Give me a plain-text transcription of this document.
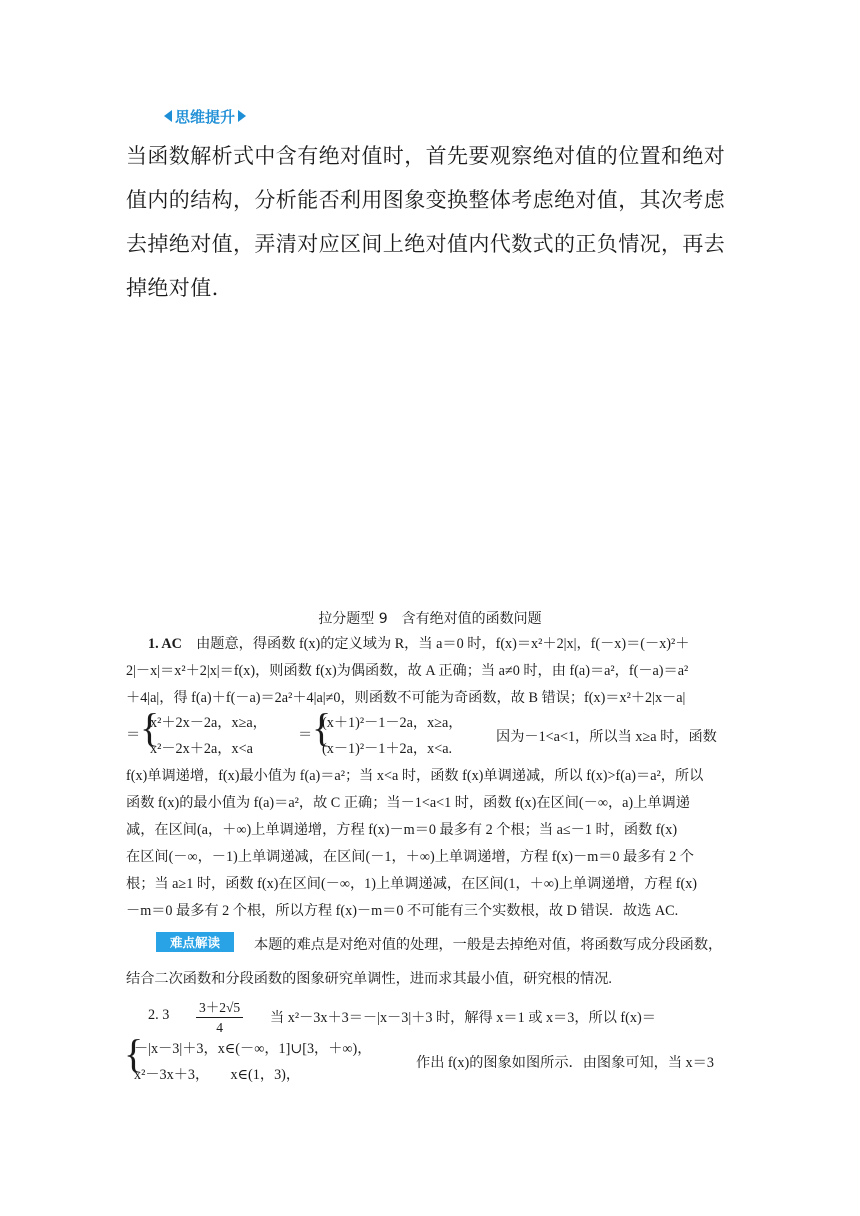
思维提升
当函数解析式中含有绝对值时，首先要观察绝对值的位置和绝对值内的结构，分析能否利用图象变换整体考虑绝对值，其次考虑去掉绝对值，弄清对应区间上绝对值内代数式的正负情况，再去掉绝对值.
拉分题型 9　含有绝对值的函数问题
1. AC 由题意，得函数 f(x)的定义域为 R，当 a＝0 时，f(x)＝x²＋2|x|，f(－x)＝(－x)²＋
2|－x|＝x²＋2|x|＝f(x)，则函数 f(x)为偶函数，故 A 正确；当 a≠0 时，由 f(a)＝a²，f(－a)＝a²
＋4|a|，得 f(a)＋f(－a)＝2a²＋4|a|≠0，则函数不可能为奇函数，故 B 错误；f(x)＝x²＋2|x－a|
＝ {
x²＋2x－2a，x≥a，
x²－2x＋2a，x<a
＝ {
(x＋1)²－1－2a，x≥a，
(x－1)²－1＋2a，x<a.
因为－1<a<1，所以当 x≥a 时，函数
f(x)单调递增，f(x)最小值为 f(a)＝a²；当 x<a 时，函数 f(x)单调递减，所以 f(x)>f(a)＝a²，所以
函数 f(x)的最小值为 f(a)＝a²，故 C 正确；当－1<a<1 时，函数 f(x)在区间(－∞，a)上单调递
减，在区间(a，＋∞)上单调递增，方程 f(x)－m＝0 最多有 2 个根；当 a≤－1 时，函数 f(x)
在区间(－∞，－1)上单调递减，在区间(－1，＋∞)上单调递增，方程 f(x)－m＝0 最多有 2 个
根；当 a≥1 时，函数 f(x)在区间(－∞，1)上单调递减，在区间(1，＋∞)上单调递增，方程 f(x)
－m＝0 最多有 2 个根，所以方程 f(x)－m＝0 不可能有三个实数根，故 D 错误．故选 AC.
难点解读	本题的难点是对绝对值的处理，一般是去掉绝对值，将函数写成分段函数，
结合二次函数和分段函数的图象研究单调性，进而求其最小值，研究根的情况.
2. $3 \frac{3+2√5}{4}$ 当 x²－3x＋3＝－|x－3|＋3 时，解得 x＝1 或 x＝3，所以 f(x)＝
{
－|x－3|＋3，x∈(－∞，1]∪[3，＋∞)，
x²－3x＋3，　　x∈(1，3)，
作出 f(x)的图象如图所示．由图象可知，当 x＝3
